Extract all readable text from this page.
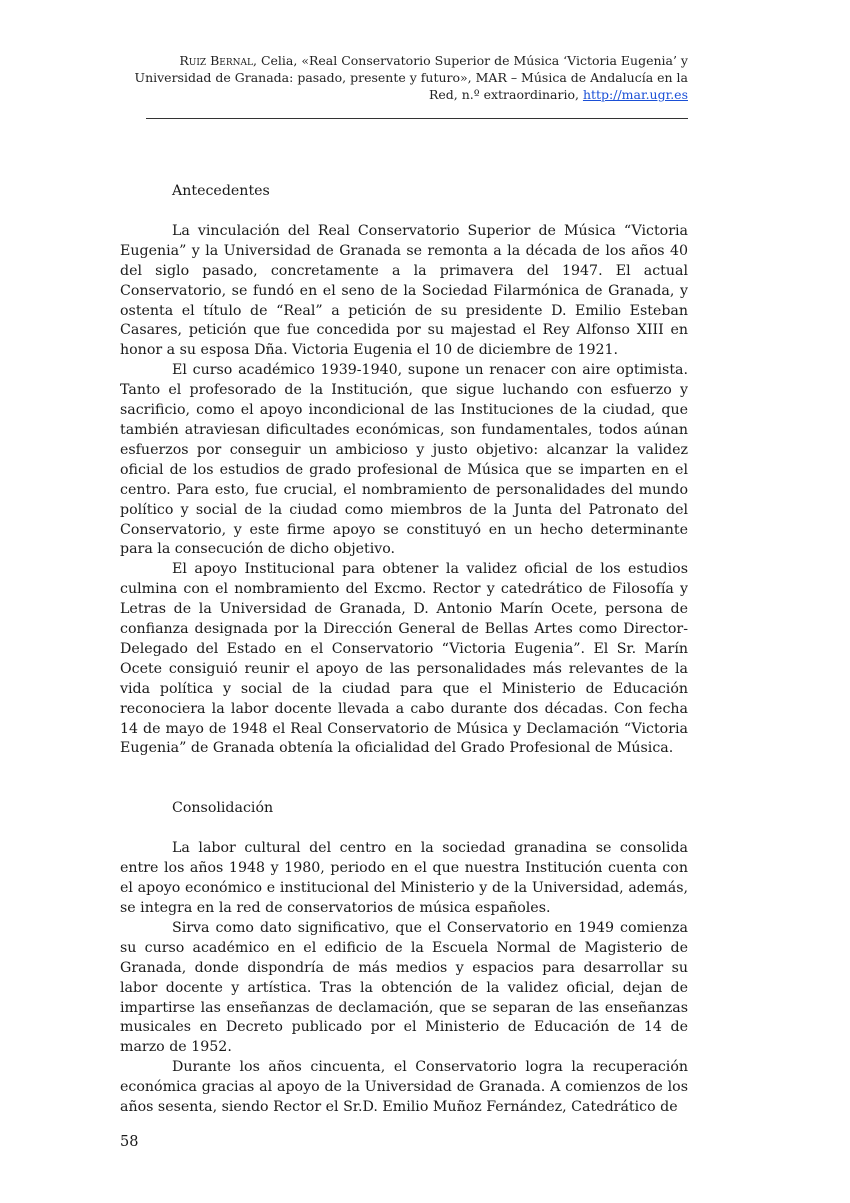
Ruiz Bernal, Celia, «Real Conservatorio Superior de Música ‘Victoria Eugenia’ y Universidad de Granada: pasado, presente y futuro», MAR – Música de Andalucía en la Red, n.º extraordinario, http://mar.ugr.es
Antecedentes

La vinculación del Real Conservatorio Superior de Música “Victoria Eugenia” y la Universidad de Granada se remonta a la década de los años 40 del siglo pasado, concretamente a la primavera del 1947. El actual Conservatorio, se fundó en el seno de la Sociedad Filarmónica de Granada, y ostenta el título de “Real” a petición de su presidente D. Emilio Esteban Casares, petición que fue concedida por su majestad el Rey Alfonso XIII en honor a su esposa Dña. Victoria Eugenia el 10 de diciembre de 1921.

El curso académico 1939-1940, supone un renacer con aire optimista. Tanto el profesorado de la Institución, que sigue luchando con esfuerzo y sacrificio, como el apoyo incondicional de las Instituciones de la ciudad, que también atraviesan dificultades económicas, son fundamentales, todos aúnan esfuerzos por conseguir un ambicioso y justo objetivo: alcanzar la validez oficial de los estudios de grado profesional de Música que se imparten en el centro. Para esto, fue crucial, el nombramiento de personalidades del mundo político y social de la ciudad como miembros de la Junta del Patronato del Conservatorio, y este firme apoyo se constituyó en un hecho determinante para la consecución de dicho objetivo.

El apoyo Institucional para obtener la validez oficial de los estudios culmina con el nombramiento del Excmo. Rector y catedrático de Filosofía y Letras de la Universidad de Granada, D. Antonio Marín Ocete, persona de confianza designada por la Dirección General de Bellas Artes como Director-Delegado del Estado en el Conservatorio “Victoria Eugenia”. El Sr. Marín Ocete consiguió reunir el apoyo de las personalidades más relevantes de la vida política y social de la ciudad para que el Ministerio de Educación reconociera la labor docente llevada a cabo durante dos décadas. Con fecha 14 de mayo de 1948 el Real Conservatorio de Música y Declamación “Victoria Eugenia” de Granada obtenía la oficialidad del Grado Profesional de Música.

Consolidación

La labor cultural del centro en la sociedad granadina se consolida entre los años 1948 y 1980, periodo en el que nuestra Institución cuenta con el apoyo económico e institucional del Ministerio y de la Universidad, además, se integra en la red de conservatorios de música españoles.

Sirva como dato significativo, que el Conservatorio en 1949 comienza su curso académico en el edificio de la Escuela Normal de Magisterio de Granada, donde dispondría de más medios y espacios para desarrollar su labor docente y artística. Tras la obtención de la validez oficial, dejan de impartirse las enseñanzas de declamación, que se separan de las enseñanzas musicales en Decreto publicado por el Ministerio de Educación de 14 de marzo de 1952.

Durante los años cincuenta, el Conservatorio logra la recuperación económica gracias al apoyo de la Universidad de Granada. A comienzos de los años sesenta, siendo Rector el Sr.D. Emilio Muñoz Fernández, Catedrático de

58
